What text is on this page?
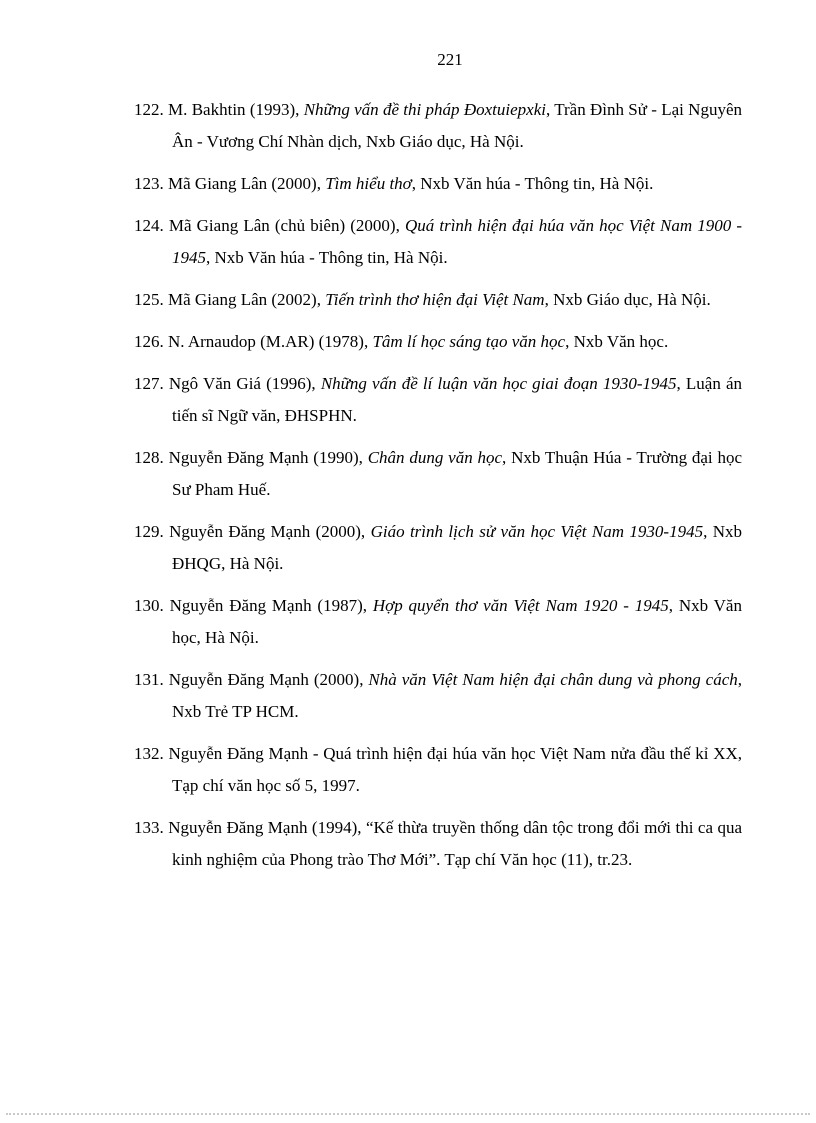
221
122. M. Bakhtin (1993), Những vấn đề thi pháp Đoxtuiepxki, Trần Đình Sử - Lại Nguyên Ân - Vương Chí Nhàn dịch, Nxb Giáo dục, Hà Nội.
123. Mã Giang Lân (2000), Tìm hiểu thơ, Nxb Văn húa - Thông tin, Hà Nội.
124. Mã Giang Lân (chủ biên) (2000), Quá trình hiện đại húa văn học Việt Nam 1900 - 1945, Nxb Văn húa - Thông tin, Hà Nội.
125. Mã Giang Lân (2002), Tiến trình thơ hiện đại Việt Nam, Nxb Giáo dục, Hà Nội.
126. N. Arnaudop (M.AR) (1978), Tâm lí học sáng tạo văn học, Nxb Văn học.
127. Ngô Văn Giá (1996), Những vấn đề lí luận văn học giai đoạn 1930-1945, Luận án tiến sĩ Ngữ văn, ĐHSPHN.
128. Nguyễn Đăng Mạnh (1990), Chân dung văn học, Nxb Thuận Húa - Trường đại học Sư Pham Huế.
129. Nguyễn Đăng Mạnh (2000), Giáo trình lịch sử văn học Việt Nam 1930-1945, Nxb ĐHQG, Hà Nội.
130. Nguyễn Đăng Mạnh (1987), Hợp quyển thơ văn Việt Nam 1920 - 1945, Nxb Văn học, Hà Nội.
131. Nguyễn Đăng Mạnh (2000), Nhà văn Việt Nam hiện đại chân dung và phong cách, Nxb Trẻ TP HCM.
132. Nguyễn Đăng Mạnh - Quá trình hiện đại húa văn học Việt Nam nửa đầu thế kỉ XX, Tạp chí văn học số 5, 1997.
133. Nguyễn Đăng Mạnh (1994), “Kế thừa truyền thống dân tộc trong đổi mới thi ca qua kinh nghiệm của Phong trào Thơ Mới”. Tạp chí Văn học (11), tr.23.
